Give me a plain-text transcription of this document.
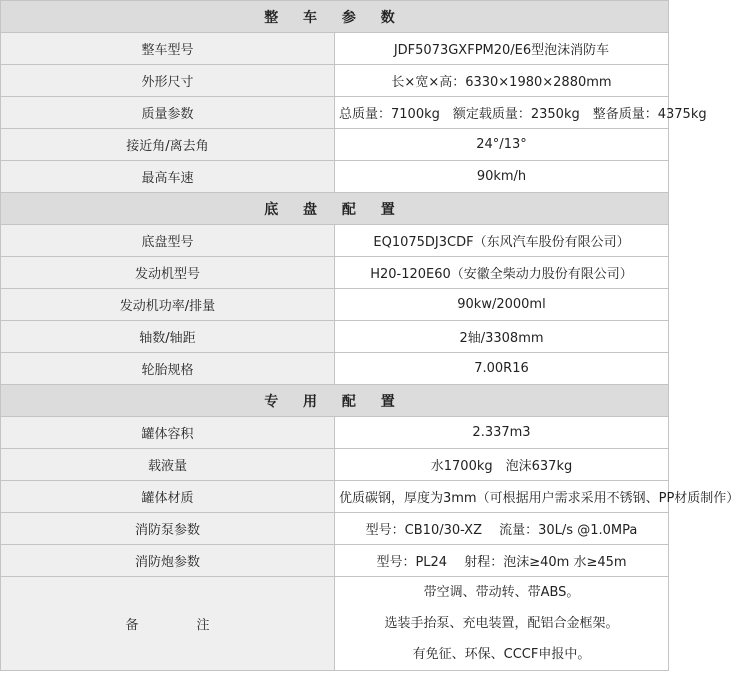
整 车 参 数	
整车型号	JDF5073GXFPM20/E6型泡沫消防车
外形尺寸	长×宽×高：6330×1980×2880mm
质量参数	总质量：7100kg　额定载质量：2350kg　整备质量：4375kg
接近角/离去角	24°/13°
最高车速	90km/h
底 盘 配 置	
底盘型号	EQ1075DJ3CDF（东风汽车股份有限公司）
发动机型号	H20-120E60（安徽全柴动力股份有限公司）
发动机功率/排量	90kw/2000ml
轴数/轴距	2轴/3308mm
轮胎规格	7.00R16
专 用 配 置	
罐体容积	2.337m3
载液量	水1700kg　泡沫637kg
罐体材质	优质碳钢，厚度为3mm（可根据用户需求采用不锈钢、PP材质制作）
消防泵参数	型号：CB10/30-XZ　 流量：30L/s @1.0MPa
消防炮参数	型号：PL24　 射程：泡沫≥40m 水≥45m
备 注	带空调、带动转、带ABS。
选装手抬泵、充电装置，配铝合金框架。
有免征、环保、CCCF申报中。
